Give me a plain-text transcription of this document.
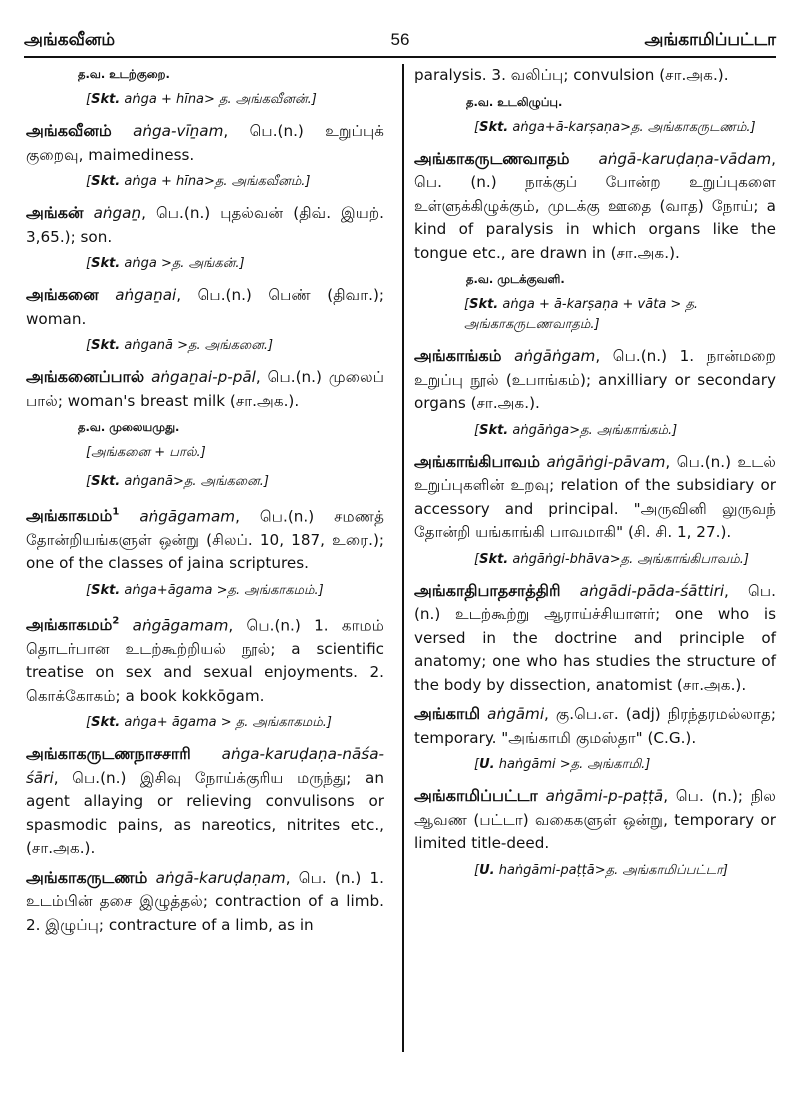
அங்கவீனம்	56	அங்காமிப்பட்டா
த.வ. உடற்குறை.
[Skt. aṅga + hīna> த. அங்கவீனன்.]
அங்கவீனம் aṅga-vīṉam, பெ.(n.) உறுப்புக் குறைவு, maimediness.
[Skt. aṅga + hīna>த. அங்கவீனம்.]
அங்கன் aṅgaṉ, பெ.(n.) புதல்வன் (திவ். இயற். 3,65.); son.
[Skt. aṅga >த. அங்கன்.]
அங்கனை aṅgaṉai, பெ.(n.) பெண் (திவா.); woman.
[Skt. aṅganā >த. அங்கனை.]
அங்கனைப்பால் aṅgaṉai-p-pāl, பெ.(n.) முலைப் பால்; woman's breast milk (சா.அக.).
த.வ. முலையமுது.
[அங்கனை + பால்.]
[Skt. aṅganā>த. அங்கனை.]
அங்காகமம்$^1$ aṅgāgamam, பெ.(n.) சமணத் தோன்றியங்களுள் ஒன்று (சிலப். 10, 187, உரை.); one of the classes of jaina scriptures.
[Skt. aṅga+āgama >த. அங்காகமம்.]
அங்காகமம்$^2$ aṅgāgamam, பெ.(n.) 1. காமம் தொடர்பான உடற்கூற்றியல் நூல்; a scientific treatise on sex and sexual enjoyments. 2. கொக்கோகம்; a book kokkōgam.
[Skt. aṅga+ āgama > த. அங்காகமம்.]
அங்காகருடணநாசசாரி aṅga-karuḍaṇa-nāśa-śāri, பெ.(n.) இசிவு நோய்க்குரிய மருந்து; an agent allaying or relieving convulisons or spasmodic pains, as nareotics, nitrites etc., (சா.அக.).
அங்காகருடணம் aṅgā-karuḍaṇam, பெ. (n.) 1. உடம்பின் தசை இழுத்தல்; contraction of a limb. 2. இழுப்பு; contracture of a limb, as in
paralysis. 3. வலிப்பு; convulsion (சா.அக.).
த.வ. உடலிழுப்பு.
[Skt. aṅga+ā-karṣaṇa>த. அங்காகருடணம்.]
அங்காகருடணவாதம் aṅgā-karuḍaṇa-vādam, பெ. (n.) நாக்குப் போன்ற உறுப்புகளை உள்ளுக்கிழுக்கும், முடக்கு ஊதை (வாத) நோய்; a kind of paralysis in which organs like the tongue etc., are drawn in (சா.அக.).
த.வ. முடக்குவளி.
[Skt. aṅga + ā-karṣaṇa + vāta > த. அங்காகருடணவாதம்.]
அங்காங்கம் aṅgāṅgam, பெ.(n.) 1. நான்மறை உறுப்பு நூல் (உபாங்கம்); anxilliary or secondary organs (சா.அக.).
[Skt. aṅgāṅga>த. அங்காங்கம்.]
அங்காங்கிபாவம் aṅgāṅgi-pāvam, பெ.(n.) உடல் உறுப்புகளின் உறவு; relation of the subsidiary or accessory and principal. "அருவினி லுருவந் தோன்றி யங்காங்கி பாவமாகி" (சி. சி. 1, 27.).
[Skt. aṅgāṅgi-bhāva>த. அங்காங்கிபாவம்.]
அங்காதிபாதசாத்திரி aṅgādi-pāda-śāttiri, பெ. (n.) உடற்கூற்று ஆராய்ச்சியாளர்; one who is versed in the doctrine and principle of anatomy; one who has studies the structure of the body by dissection, anatomist (சா.அக.).
அங்காமி aṅgāmi, கு.பெ.எ. (adj) நிரந்தரமல்லாத; temporary. "அங்காமி குமஸ்தா" (C.G.).
[U. haṅgāmi >த. அங்காமி.]
அங்காமிப்பட்டா aṅgāmi-p-paṭṭā, பெ. (n.); நில ஆவண (பட்டா) வகைகளுள் ஒன்று, temporary or limited title-deed.
[U. haṅgāmi-paṭṭā>த. அங்காமிப்பட்டா]
